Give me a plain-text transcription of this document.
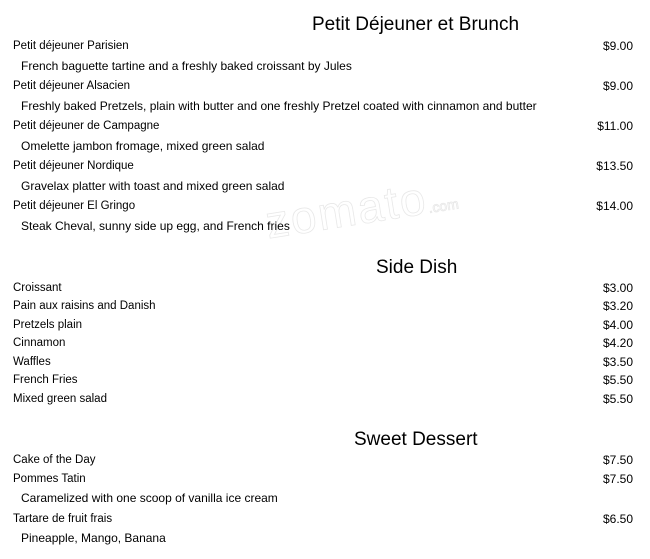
zomato.com
Petit Déjeuner et Brunch
Petit déjeuner Parisien	$9.00
French baguette tartine and a freshly baked croissant by Jules
Petit déjeuner Alsacien	$9.00
Freshly baked Pretzels, plain with butter and one freshly Pretzel coated with cinnamon and butter
Petit déjeuner de Campagne	$11.00
Omelette jambon fromage, mixed green salad
Petit déjeuner Nordique	$13.50
Gravelax platter with toast and mixed green salad
Petit déjeuner El Gringo	$14.00
Steak Cheval, sunny side up egg, and French fries
Side Dish
Croissant	$3.00
Pain aux raisins and Danish	$3.20
Pretzels plain	$4.00
Cinnamon	$4.20
Waffles	$3.50
French Fries	$5.50
Mixed green salad	$5.50
Sweet Dessert
Cake of the Day	$7.50
Pommes Tatin	$7.50
Caramelized with one scoop of vanilla ice cream
Tartare de fruit frais	$6.50
Pineapple, Mango, Banana
